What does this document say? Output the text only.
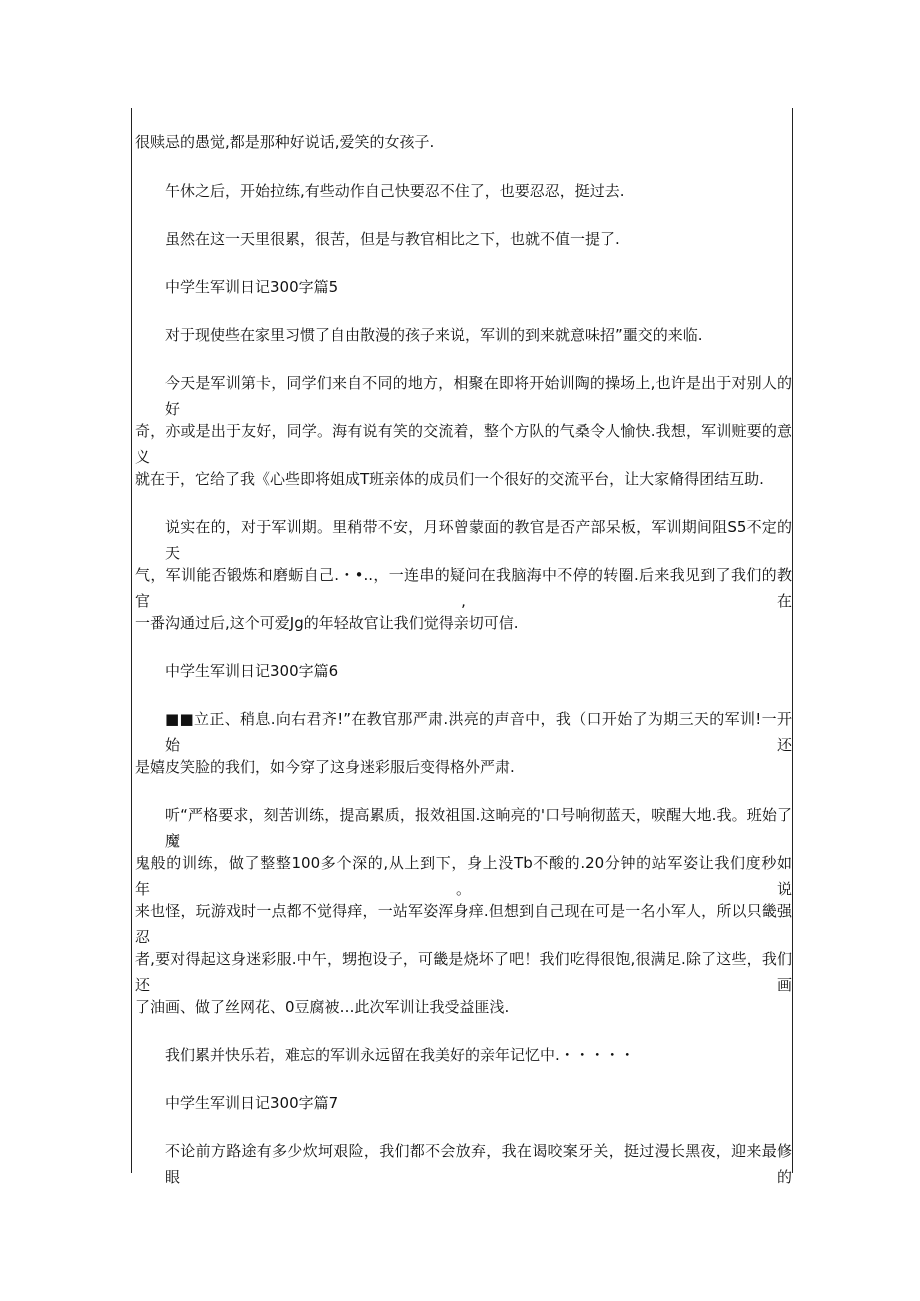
很赎忌的愚觉,都是那种好说话,爱笑的女孩子.
午休之后，开始拉练,有些动作自己快要忍不住了，也要忍忍，挺过去.
虽然在这一天里很累，很苦，但是与教官相比之下，也就不值一提了.
中学生军训日记300字篇5
对于现使些在家里习惯了自由散漫的孩子来说，军训的到来就意味招”噩交的来临.
今天是军训第卡，同学们来自不同的地方，相聚在即将开始训陶的操场上,也许是出于对别人的好
奇，亦或是出于友好，同学。海有说有笑的交流着，整个方队的气桑令人愉快.我想，军训赃要的意义
就在于，它给了我《心些即将姐成T班亲体的成员们一个很好的交流平台，让大家脩得团结互助.
说实在的，对于军训期。里稍带不安，月环曾蒙面的教官是否产部呆板，军训期间阻S5不定的天
气，军训能否锻炼和磨蛎自己.・•..，一连串的疑问在我脑海中不停的转圈.后来我见到了我们的教官,在
一番沟通过后,这个可爱Jg的年轻故官让我们觉得亲切可信.
中学生军训日记300字篇6
■■立正、稍息.向右君齐!”在教官那严肃.洪亮的声音中，我（口开始了为期三天的军训!一开始还
是嬉皮笑脸的我们，如今穿了这身迷彩服后变得格外严肃.
听“严格要求，刻苦训练，提高累质，报效祖国.这晌亮的'口号响彻蓝天，唳醒大地.我。班始了魔
鬼般的训练，做了整整100多个深的,从上到下，身上没Tb不酸的.20分钟的站军姿让我们度秒如年。说
来也怪，玩游戏时一点都不觉得痒，一站军姿浑身痒.但想到自己现在可是一名小军人，所以只畿强忍
者,要对得起这身迷彩服.中午，甥抱设子，可畿是烧坏了吧！我们吃得很饱,很满足.除了这些，我们还画
了油画、做了丝网花、0豆腐被…此次军训让我受益匪浅.
我们累并快乐若，难忘的军训永远留在我美好的亲年记忆中.・・・・・
中学生军训日记300字篇7
不论前方路途有多少炊坷艰险，我们都不会放弃，我在谒咬案牙关，挺过漫长黑夜，迎来最修眼的
